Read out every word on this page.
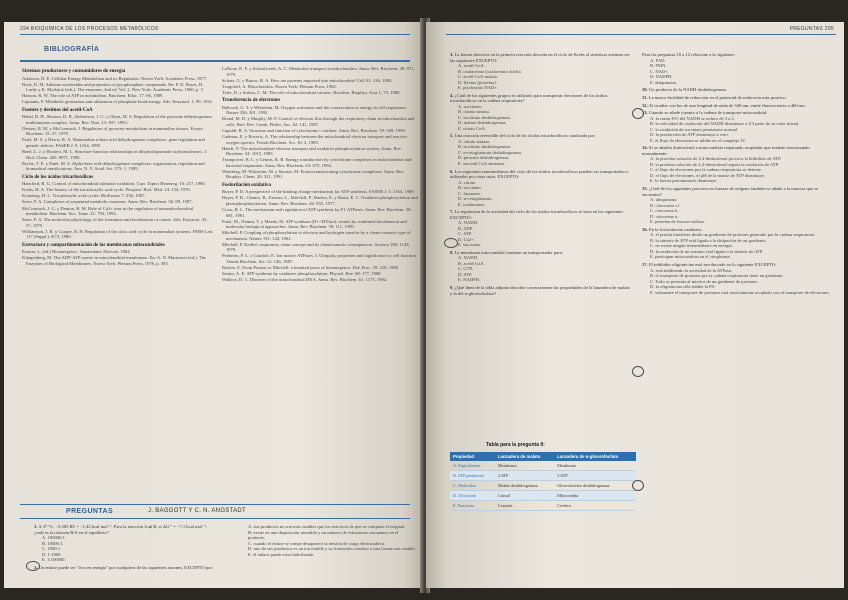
294 BIOQUÍMICA DE LOS PROCESOS METABÓLICOS
BIBLIOGRAFÍA
Sistemas productores y consumidores de energía
Atkinson, D. E. Cellular Energy Metabolism and its Regulation. Nueva York: Academic Press, 1977.
Bock, R. M. Adenine nucleotides and properties of pyrophosphate compounds. En: P. D. Boyer, H. Lardy y K. Myrbäck (eds.). The enzymes, 2nd ed. Vol. 2. New York: Academic Press, 1960, p. 3.
Hanson, R. W. The role of ATP in metabolism. Biochem. Educ. 17: 86, 1989.
Lipmann, F. Metabolic generation and utilization of phosphate bond energy. Adv. Enzymol. 1: 99, 1941.
Fuentes y destinos del acetil-CoA
Behal, R. H., Buxton, D. B., Robertson, J. G. y Olson, M. S. Regulation of the pyruvate dehydrogenase multienzyme complex. Annu. Rev. Nutr. 13: 497, 1993.
Denton, R. M. y McCormack, J. Regulation of pyruvate metabolism in mammalian tissues. Essays Biochem. 15: 37, 1979.
Patel, M. S. y Harris, R. A. Mammalian α-keto acid dehydrogenase complexes: gene regulation and genetic defects. FASEB J. 9: 1164, 1995.
Reed, L. J. y Hackert, M. L. Structure-function relationships in dihydrolipoamide acyltransferases. J. Biol. Chem. 265: 8971, 1990.
Roche, T. E. y Patel, M. S. Alpha-keto acid dehydrogenase complexes: organization, regulation and biomedical ramifications. Ann. N. Y. Acad. Sci. 573: 1, 1989.
Ciclo de los ácidos tricarboxílicos
Hansford, R. G. Control of mitochondrial substrate oxidation. Curr. Topics Bioenerg. 10: 217, 1980.
Krebs, H. A. The history of the tricarboxylic acid cycle. Perspect. Biol. Med. 14: 154, 1970.
Kornberg, H. L. Tricarboxylic acid cycles. BioEssays 7: 236, 1987.
Srere, P. A. Complexes of sequential metabolic enzymes. Annu. Rev. Biochem. 56: 89, 1987.
McCormack, J. G. y Denton, R. M. Role of Ca2+ ions in the regulation of intramitochondrial metabolism. Biochem. Soc. Trans. 21: 793, 1993.
Srere, P. A. The molecular physiology of the formation and localization of citrate. Adv. Enzymol. 43: 57, 1975.
Williamson, J. R. y Cooper, R. H. Regulation of the citric acid cycle in mammalian systems. FEBS Lett. 117 (Suppl.): K73, 1980.
Estructura y compartimentación de las membranas mitocondriales
Ernster, L. (ed.) Bioenergetics. Amsterdam: Elsevier, 1984.
Klingenberg, M. The ADP-ATP carrier in mitochondrial membranes. En: A. N. Martonosi (ed.). The Enzymes of Biological Membranes. Nueva York: Plenum Press, 1976, p. 383.
LaNoue, K. F. y Schoolwerth, A. C. Metabolite transport in mitochondria. Annu. Rev. Biochem. 48: 871, 1979.
Schatz, G. y Butow, R. A. How are proteins imported into mitochondria? Cell 32: 316, 1983.
Tzagoloff, A. Mitochondria. Nueva York: Plenum Press, 1982.
Tyler, D. y Sutton, C. M. The role of mitochondrial carriers. Biochim. Biophys. Acta 1: 73, 1988.
Transferencia de electrones
Babcock, G. T. y Wikström, M. Oxygen activation and the conservation of energy in cell respiration. Nature 356: 301, 1992.
Brand, M. D. y Murphy, M. P. Control of electron flux through the respiratory chain in mitochondria and cells. Biol. Rev. Camb. Philos. Soc. 62: 141, 1987.
Capaldi, R. A. Structure and function of cytochrome c oxidase. Annu. Rev. Biochem. 59: 569, 1990.
Cadenas, E. y Boveris, A. The relationship between the mitochondrial electron transport and reactive oxygen species. Trends Biochem. Sci. 10: 2, 1985.
Hatefi, Y. The mitochondrial electron transport and oxidative phosphorylation system. Annu. Rev. Biochem. 54: 1015, 1985.
Trumpower, B. L. y Gennis, R. B. Energy transduction by cytochrome complexes in mitochondrial and bacterial respiration. Annu. Rev. Biochem. 63: 675, 1994.
Weinberg, M. Wikström, M. y Saraste, M. Proton-translocating cytochrome complexes. Annu. Rev. Biophys. Chem. 20: 321, 1991.
Fosforilación oxidativa
Boyer, P. D. A perspective of the binding change mechanism for ATP synthesis. FASEB J. 3: 2164, 1989.
Boyer, P. D., Chance, B., Ernster, L., Mitchell, P., Racker, E. y Slater, E. C. Oxidative phosphorylation and photophosphorylation. Annu. Rev. Biochem. 46: 955, 1977.
Cross, R. L. The mechanism and regulation of ATP synthesis by F1-ATPases. Annu. Rev. Biochem. 50: 681, 1981.
Futai, M., Noumi, T. y Maeda, M. ATP synthase (H+-ATPase): results by combined biochemical and molecular biological approaches. Annu. Rev. Biochem. 58: 111, 1989.
Mitchell, P. Coupling of phosphorylation to electron and hydrogen transfer by a chemi-osmotic type of mechanism. Nature 191: 144, 1961.
Mitchell, P. Keilin's respiratory chain concept and its chemiosmotic consequences. Science 206: 1148, 1979.
Pedersen, P. L. y Carafoli, E. Ion motive ATPases. I. Ubiquity, properties and significance to cell function. Trends Biochem. Sci. 12: 146, 1987.
Racker, E. From Pasteur to Mitchell: a hundred years of bioenergetics. Fed. Proc. 39: 210, 1980.
Senior, A. E. ATP synthesis by oxidative phosphorylation. Physiol. Rev. 68: 177, 1988.
Wallace, D. C. Diseases of the mitochondrial DNA. Annu. Rev. Biochem. 61: 1175, 1992.
PREGUNTAS	J. BAGGOTT Y C. N. ANGSTADT
1. A 37 °C, −2,303 RT = −1,42 kcal mol⁻¹. Para la reacción A ⇌ B, si ΔG°′ = −7,1 kcal mol⁻¹, ¿cuál es la relación B/A en el equilibrio?
A. 100000:1.
B. 10000:1.
C. 1000:1.
D. 1:1000.
E. 1:100000.
2. Un enlace puede ser "rico en energía" por cualquiera de las siguientes razones, EXCEPTO por:
A. sus productos no son más estables que los reactivos de que se compone el original.
B. existe en una disposición inestable y un número de estructuras resonantes en el producto.
C. cuando el enlace se rompe desaparece la tensión de carga electrostática.
D. uno de sus productos es un ion estable y su formación conduce a una forma más estable.
E. el enlace puede estar hidrolizado.
PREGUNTAS 295
3. La fuerza directora en la primera reacción descrita en el ciclo de Krebs al sintetizar enzimas ser las siguientes EXCEPTO:
A. acetil-CoA.
B. oxalacetato (oxalacetato ácido).
C. acetil CoA-malato.
D. flavina [proteína].
E. pirofosfato NAD+.
4. ¿Cuál de los siguientes grupos es utilizado para transportar electrones de los ácidos tricarboxílicos en la cadena respiratoria?
A. succinato.
B. citrato sintasa.
C. isocitrato deshidrogenasa.
D. malato deshidrogenasa.
E. citrato CoA.
5. Una reacción reversible del ciclo de los ácidos tricarboxílicos catalizada por:
A. citrato sintasa.
B. isocitrato deshidrogenasa.
C. α-cetoglutarato deshidrogenasa.
D. piruvato deshidrogenasa.
E. succinil CoA sintetasa.
6. Los siguientes intermediarios del ciclo de los ácidos tricarboxílicos pueden ser transportados o utilizados por otras rutas, EXCEPTO:
A. citrato.
B. succinato.
C. fumarato.
D. α-cetoglutarato.
E. oxalacetato.
7. La regulación de la actividad del ciclo de los ácidos tricarboxílicos se basa en los siguientes EXCEPTO:
A. NADH.
B. ADP.
C. ATP.
D. Ca2+.
E. succinato.
8. La membrana mitocondrial contiene un transportador para:
A. NADH.
B. acetil-CoA.
C. GTP.
D. ATP.
E. NADPH.
9. ¿Qué línea de la tabla adjunta describe correctamente las propiedades de la lanzadera de malato y la del α-glicerofosfato?
Tabla para la pregunta 9:
Propiedad	Lanzadera de malato	Lanzadera de α-glicerofosfato
A. Equivalentes	Membrana	Membrana
B. ATP producido	2 ATP	3 ATP
C. Moléculas	Malato deshidrogenasa	Glicerofosfato deshidrogenasa
D. Ubicación	Citosol	Mitocondria
E. Funciona	Corazón	Cerebro
Para las preguntas 10 a 12 relacione a lo siguiente:
A. FAD.
B. FMN.
C. NAD+.
D. NADPH.
E. ubiquinona.
10. Un producto de la NADH deshidrogenasa.
11. La mayor facilidad de reducción en el potencial de reducción más positivo.
12. Al irradiar con luz de una longitud de onda de 340 nm, emite fluorescencia a 460 nm.
13. Cuando se añade cianuro a la cadena de transporte mitocondrial:
A. la razón P/O del NADH se reduce de 3 a 2.
B. la velocidad de oxidación del NADH disminuye a 2/3 parte de su valor inicial.
C. la oxidación de succinato permanece normal.
D. la producción de ATP disminuye a cero.
E. el flujo de electrones se inhibe en el complejo IV.
14. Si se añaden dinitrofenol a mitocondrias respirando acopladas que estaban funcionando normalmente:
A. la proteína solución de 2,4-dinitrofenol provoca la hidrólisis de ATP.
B. la proteína solución de 2,4-dinitrofenol separa la oxidación de ATP.
C. el flujo de electrones por la cadena respiratoria se detiene.
D. el flujo de electrones, el pH de la matriz de ATP disminuye.
E. la fuerza protonmotriz disminuye.
15. ¿Cuál de los siguientes procesos en fuerzas de oxígeno también se añade a la mucosa que se encuentra?
A. ubiquinona.
B. citocromo c1.
C. citocromo b.
D. citocromo a.
E. proteína de ferroso-sulfuro.
16. En la fosforilación oxidativa:
A. el protón transfiere desde un gradiente de protones generado por la cadena respiratoria.
B. la síntesis de ATP está ligada a la disipación de un gradiente.
C. no existe ningún intermediario en energía.
D. la oxidación de un sustrato está ligada a la síntesis de ATP.
E. participan mitocondrias en el citoplasma.
17. El inhibidor oligomicina está involucrado en lo siguiente EXCEPTO:
A. está inhibiendo la actividad de la ATPasa.
B. el transporte de protones por la cadena respiratoria tiene un gradiente.
C. Todo se presenta al interior de un gradiente de protones.
D. la oligomicina sólo inhibe la F0.
E. solamente el transporte de protones está estrictamente acoplado con el transporte de electrones.
